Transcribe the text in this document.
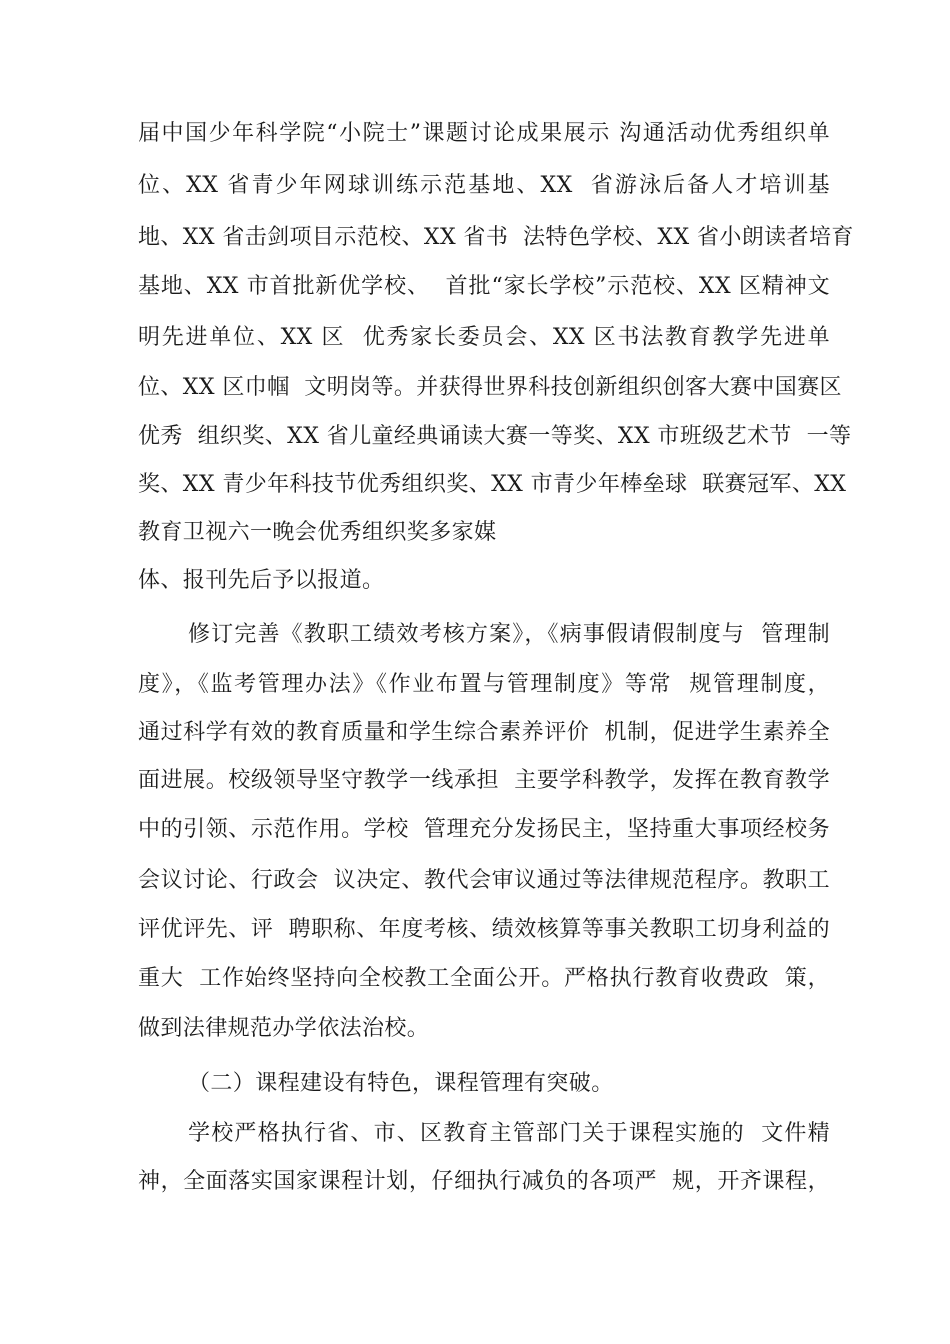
届中国少年科学院“小院士”课题讨论成果展示 沟通活动优秀组织单
位、XX 省青少年网球训练示范基地、XX  省游泳后备人才培训基
地、XX 省击剑项目示范校、XX 省书  法特色学校、XX 省小朗读者培育
基地、XX 市首批新优学校、  首批“家长学校”示范校、XX 区精神文
明先进单位、XX 区  优秀家长委员会、XX 区书法教育教学先进单
位、XX 区巾帼  文明岗等。并获得世界科技创新组织创客大赛中国赛区
优秀  组织奖、XX 省儿童经典诵读大赛一等奖、XX 市班级艺术节  一等
奖、XX 青少年科技节优秀组织奖、XX 市青少年棒垒球  联赛冠军、XX
教育卫视六一晚会优秀组织奖多家媒
体、报刊先后予以报道。
修订完善《教职工绩效考核方案》，《病事假请假制度与  管理制
度》，《监考管理办法》《作业布置与管理制度》等常  规管理制度，
通过科学有效的教育质量和学生综合素养评价  机制，促进学生素养全
面进展。校级领导坚守教学一线承担  主要学科教学，发挥在教育教学
中的引领、示范作用。学校  管理充分发扬民主，坚持重大事项经校务
会议讨论、行政会  议决定、教代会审议通过等法律规范程序。教职工
评优评先、评  聘职称、年度考核、绩效核算等事关教职工切身利益的
重大  工作始终坚持向全校教工全面公开。严格执行教育收费政  策，
做到法律规范办学依法治校。
（二）课程建设有特色，课程管理有突破。
学校严格执行省、市、区教育主管部门关于课程实施的  文件精
神，全面落实国家课程计划，仔细执行减负的各项严  规，开齐课程，
